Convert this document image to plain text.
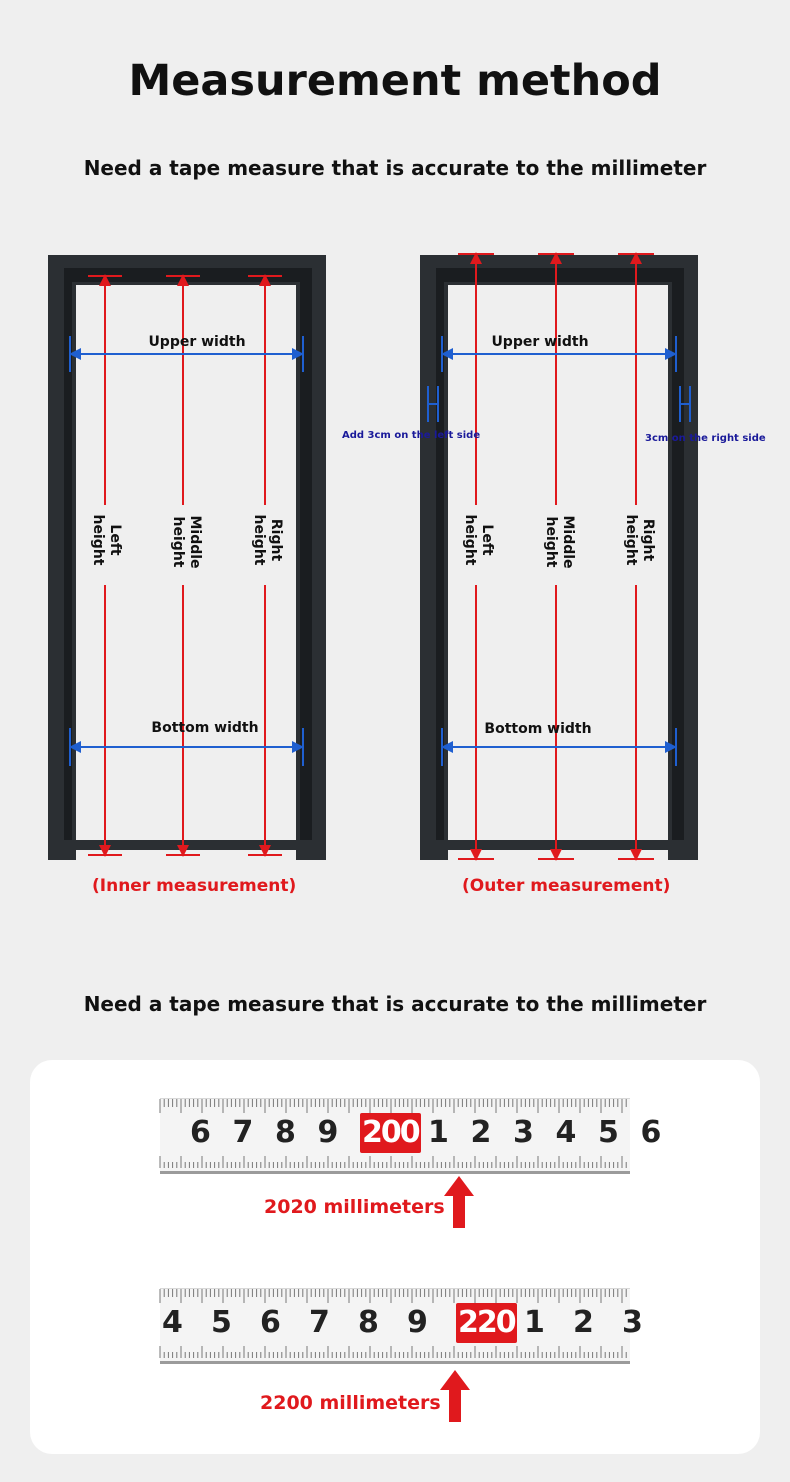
Measurement method
Need a tape measure that is accurate to the millimeter
Upper width
Bottom width
Left
height	Middle
height	Right
height
Upper width
Bottom width
Add 3cm on the left side	3cm on the right side
Left
height	Middle
height	Right
height
(Inner measurement)	(Outer measurement)
Need a tape measure that is accurate to the millimeter
6 7 8 9 200 1 2 3 4 5 6
2020 millimeters
4 5 6 7 8 9 220 1 2 3
2200 millimeters
